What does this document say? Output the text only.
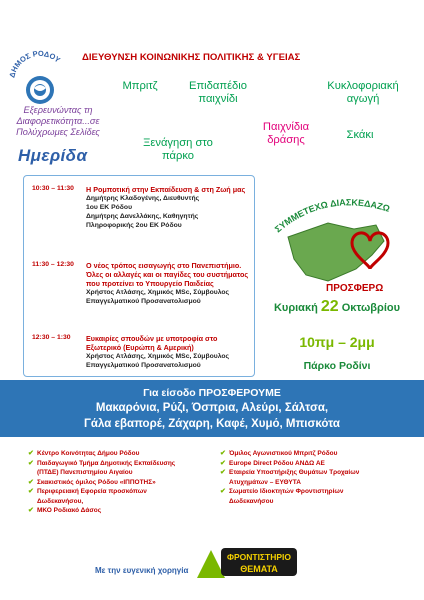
ΔΗΜΟΣ ΡΟΔΟΥ ΔΙΕΥΘΥΝΣΗ ΚΟΙΝΩΝΙΚΗΣ ΠΟΛΙΤΙΚΗΣ & ΥΓΕΙΑΣ
Μπριτζ	Επιδαπέδιο
παιχνίδι
Κυκλοφοριακή
αγωγή
Ξενάγηση στο
πάρκο
Παιχνίδια
δράσης	Σκάκι
Εξερευνώντας τη
Διαφορετικότητα...σε
Πολύχρωμες Σελίδες
Ημερίδα
10:30 – 11:30 Η Ρομποτική στην Εκπαίδευση & στη Ζωή μας
Δημήτρης Κλαδογένης, Διευθυντής
1ου ΕΚ Ρόδου
Δημήτρης Δανελλάκης, Καθηγητής
Πληροφορικής 2ου ΕΚ Ρόδου
11:30 – 12:30 Ο νέος τρόπος εισαγωγής στο Πανεπιστήμιο. Όλες οι αλλαγές και οι παγίδες του συστήματος που προτείνει το Υπουργείο Παιδείας
Χρήστος Ατλάσης, Χημικός MSc, Σύμβουλος
Επαγγελματικού Προσανατολισμού
12:30 – 1:30 Ευκαιρίες σπουδών με υποτροφία στο Εξωτερικό (Ευρώπη & Αμερική)
Χρήστος Ατλάσης, Χημικός MSc, Σύμβουλος
Επαγγελματικού Προσανατολισμού
ΣΥΜΜΕΤΕΧΩ ΔΙΑΣΚΕΔΑΖΩ
ΠΡΟΣΦΕΡΩ
Κυριακή 22 Οκτωβρίου
10πμ – 2μμ
Πάρκο Ροδίνι
Για είσοδο ΠΡΟΣΦΕΡΟΥΜΕ
Μακαρόνια, Ρύζι, Όσπρια, Αλεύρι, Σάλτσα,
Γάλα εβαπορέ, Ζάχαρη, Καφέ, Χυμό, Μπισκότα
✔ Κέντρο Κοινότητας Δήμου Ρόδου
✔ Παιδαγωγικό Τμήμα Δημοτικής Εκπαίδευσης
(ΠΤΔΕ) Πανεπιστημίου Αιγαίου
✔ Σκακιστικός όμιλος Ρόδου «ΙΠΠΟΤΗΣ»
✔ Περιφερειακή Εφορεία προσκόπων
Δωδεκανήσου,
✔ ΜΚΟ Ροδιακό Δάσος
✔ Όμιλος Αγωνιστικού Μπριτζ Ρόδου
✔ Europe Direct Ρόδου ΑΝΔΩ ΑΕ
✔ Εταιρεία Υποστήριξης Θυμάτων Τροχαίων
Ατυχημάτων – ΕΥΘΥΤΑ
✔ Σωματείο Ιδιοκτητών Φροντιστηρίων
Δωδεκανήσου
Με την ευγενική χορηγία
ΦΡΟΝΤΙΣΤΗΡΙΟ
ΘΕΜΑΤΑ
